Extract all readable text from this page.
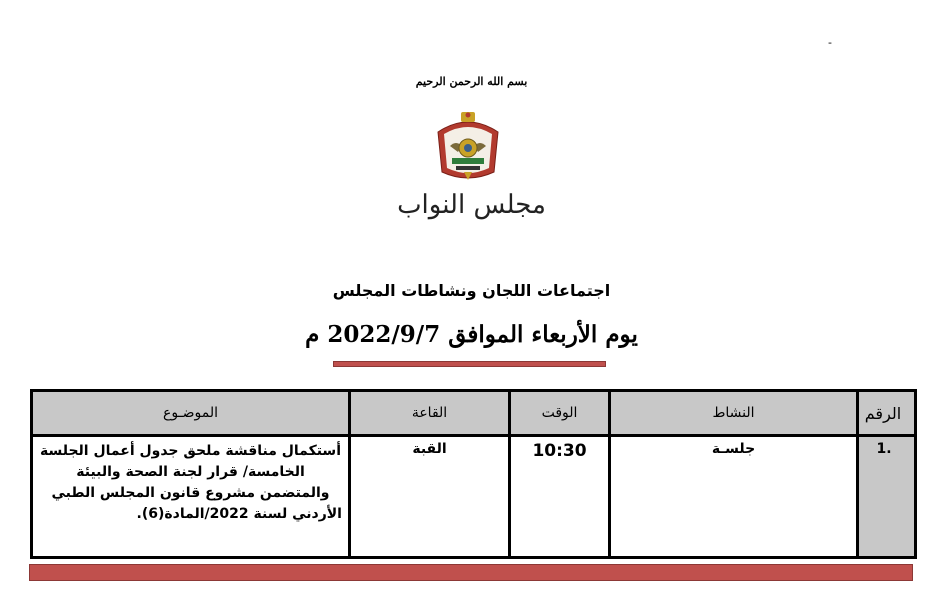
-
بسم الله الرحمن الرحيم
مجلس النواب
اجتماعات اللجان ونشاطات المجلس
يوم الأربعاء الموافق 2022/9/7 م
الرقم	النشاط	الوقت	القاعة	الموضـوع
.1	جلسـة	10:30	القبة	أستكمال مناقشة ملحق جدول أعمال الجلسة الخامسة/ قرار لجنة الصحة والبيئة والمتضمن مشروع قانون المجلس الطبي الأردني لسنة 2022/المادة(6).
